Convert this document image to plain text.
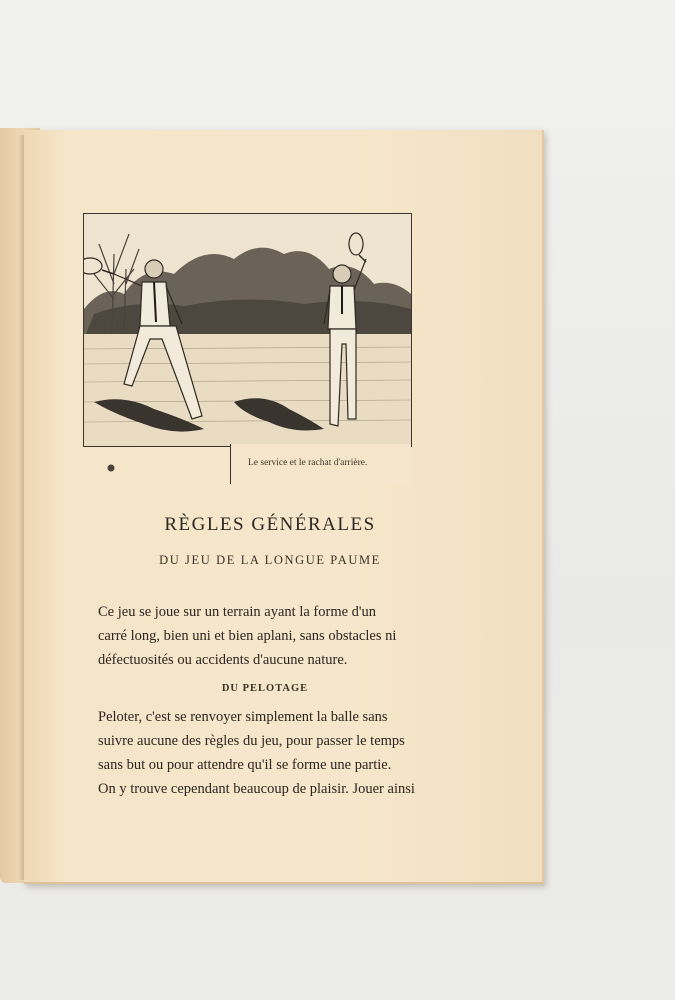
Le service et le rachat d'arrière.
RÈGLES GÉNÉRALES
DU JEU DE LA LONGUE PAUME
Ce jeu se joue sur un terrain ayant la forme d'un
carré long, bien uni et bien aplani, sans obstacles ni
défectuosités ou accidents d'aucune nature.
DU PELOTAGE
Peloter, c'est se renvoyer simplement la balle sans
suivre aucune des règles du jeu, pour passer le temps
sans but ou pour attendre qu'il se forme une partie.
On y trouve cependant beaucoup de plaisir. Jouer ainsi
